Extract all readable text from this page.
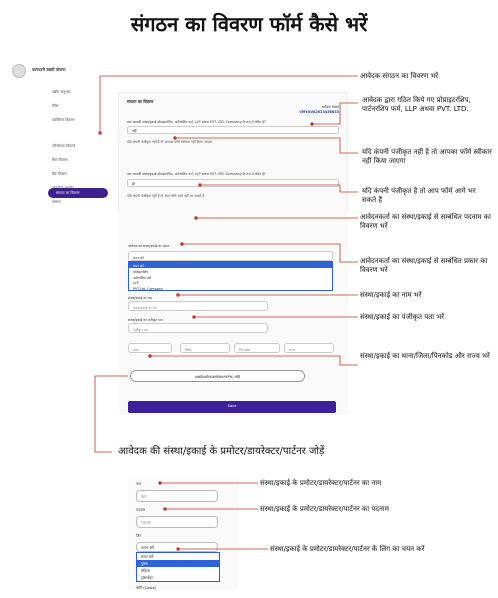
संगठन का विवरण फॉर्म कैसे भरें
फायदानी उद्यमी योजना
उद्योग अनुभाग
निधि
व्यक्तिगत विवरण
संगठन का विवरण
परियोजना विवरण
वित्त विवरण
बैंक विवरण
दस्तावेज़ अपलोड
घोषणा
संगठन का विवरण
आवेदक संख्या
CMYUVA2023456833
क्या आपकी संस्था/इकाई प्रोप्राइटरशिप, पार्टनरशिप फर्म, LLP अथवा PVT. LTD. Company के रूप में गठित है?
नहीं
यदि कंपनी पंजीकृत नहीं है तो आपका फॉर्म स्वीकार नहीं किया जाएगा
क्या आपकी संस्था/इकाई प्रोप्राइटरशिप, पार्टनरशिप फर्म, LLP अथवा PVT. LTD. Company के रूप में गठित है?
हाँ
यदि कंपनी पंजीकृत नहीं है तो आप फॉर्म आगे नहीं भर सकते हैं
आवेदक का संस्था/इकाई का प्रकार
चयन करें
चयन करें
प्रोप्राइटरशिप
पार्टनरशिप फर्म
LLP
PVT.Ltd. Company
संस्था/इकाई का नाम
संस्था/इकाई का नाम
संस्था/इकाई का पंजीकृत पता
पंजीकृत पता
थाना	जिला	पिन कोड	राज्य
इकाई(प्रमोटर/डायरेक्टर/पार्टनर) जोड़ें
Save
आवेदक की संस्था/इकाई के प्रमोटर/डायरेक्टर/पार्टनर जोड़ें
नाम
नाम
पदनाम
पदनाम
लिंग
चयन करें
चयन करें
पुरुष
महिला
ट्रांसजेंडर
श्रेणी (Caste)
आवेदक संगठन का विवरण भरें
आवेदक द्वारा गठित किये गए प्रोप्राइटरशिप, पार्टनरशिप फर्म, LLP अथवा PVT. LTD.
यदि कंपनी पंजीकृत नहीं है तो आपका फॉर्म स्वीकार नहीं किया जाएगा
यदि कंपनी पंजीकृत है तो आप फॉर्म आगे भर सकते हैं
आवेदनकर्ता का संस्था/इकाई से सम्बंधित पदनाम का विवरण भरें
आवेदनकर्ता का संस्था/इकाई से सम्बंधित प्रकार का विवरण भरें
संस्था/इकाई का नाम भरें
संस्था/इकाई का पंजीकृत पता भरें
संस्था/इकाई का थाना/जिला/पिनकोड और राज्य भरें
संस्था/इकाई के प्रमोटर/डायरेक्टर/पार्टनर का नाम
संस्था/इकाई के प्रमोटर/डायरेक्टर/पार्टनर का पदनाम
संस्था/इकाई के प्रमोटर/डायरेक्टर/पार्टनर के लिंग का चयन करें
